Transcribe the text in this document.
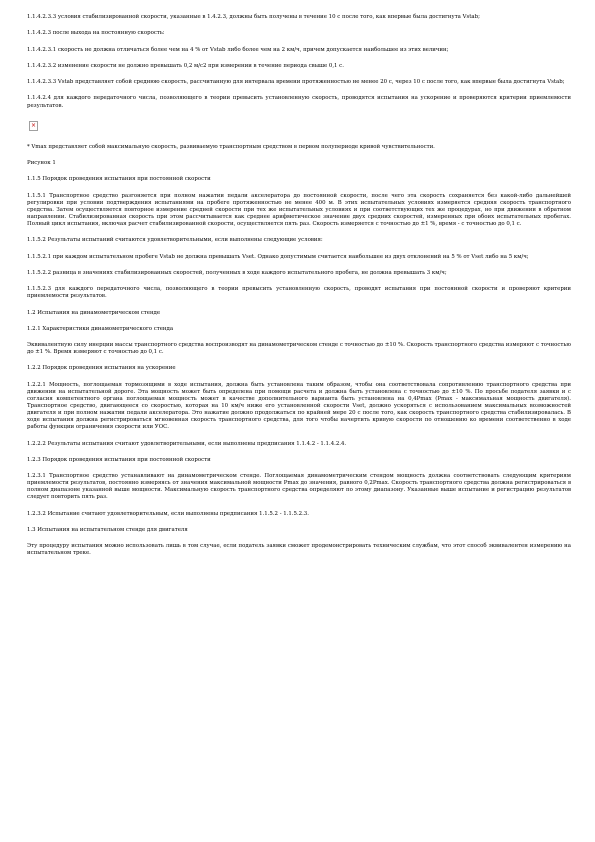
1.1.4.2.3.3 условия стабилизированной скорости, указанные в 1.4.2.3, должны быть получены в течение 10 с после того, как впервые была достигнута Vstab;

1.1.4.2.3 после выхода на постоянную скорость:

1.1.4.2.3.1 скорость не должна отличаться более чем на 4 % от Vstab либо более чем на 2 км/ч, причем допускается наибольшее из этих величин;

1.1.4.2.3.2 изменение скорости не должно превышать 0,2 м/с2 при измерении в течение периода свыше 0,1 с.

1.1.4.2.3.3 Vstab представляет собой среднюю скорость, рассчитанную для интервала времени протяженностью не менее 20 с, через 10 с после того, как впервые была достигнута Vstab;

1.1.4.2.4 для каждого передаточного числа, позволяющего в теории превысить установленную скорость, проводятся испытания на ускорение и проверяются критерии приемлемости результатов.

×

* Vmax представляет собой максимальную скорость, развиваемую транспортным средством в первом полупериоде кривой чувствительности.

Рисунок 1

1.1.5 Порядок проведения испытания при постоянной скорости

1.1.5.1 Транспортное средство разгоняется при полном нажатии педали акселератора до постоянной скорости, после чего эта скорость сохраняется без какой-либо дальнейшей регулировки при условии подтверждения испытаниями на пробеге протяженностью не менее 400 м. В этих испытательных условиях измеряется средняя скорость транспортного средства. Затем осуществляется повторное измерение средней скорости при тех же испытательных условиях и при соответствующих тех же процедурах, но при движении в обратном направлении. Стабилизированная скорость при этом рассчитывается как среднее арифметическое значение двух средних скоростей, измеренных при обоих испытательных пробегах. Полный цикл испытания, включая расчет стабилизированной скорости, осуществляется пять раз. Скорость измеряется с точностью до ±1 %, время - с точностью до 0,1 с.

1.1.5.2 Результаты испытаний считаются удовлетворительными, если выполнены следующие условия:

1.1.5.2.1 при каждом испытательном пробеге Vstab не должна превышать Vset. Однако допустимым считается наибольшее из двух отклонений на 5 % от Vset либо на 5 км/ч;

1.1.5.2.2 разница в значениях стабилизированных скоростей, полученных в ходе каждого испытательного пробега, не должна превышать 3 км/ч;

1.1.5.2.3 для каждого передаточного числа, позволяющего в теории превысить установленную скорость, проводят испытания при постоянной скорости и проверяют критерии приемлемости результатов.

1.2 Испытания на динамометрическом стенде

1.2.1 Характеристики динамометрического стенда

Эквивалентную силу инерции массы транспортного средства воспроизводят на динамометрическом стенде с точностью до ±10 %. Скорость транспортного средства измеряют с точностью до ±1 %. Время измеряют с точностью до 0,1 с.

1.2.2 Порядок проведения испытания на ускорение

1.2.2.1 Мощность, поглощаемая тормозящими в ходе испытания, должна быть установлена таким образом, чтобы она соответствовала сопротивлению транспортного средства при движении на испытательной дороге. Эта мощность может быть определена при помощи расчета и должна быть установлена с точностью до ±10 %. По просьбе подателя заявки и с согласия компетентного органа поглощаемая мощность может в качестве дополнительного варианта быть установлена на 0,4Pmax (Pmax - максимальная мощность двигателя). Транспортное средство, двигающееся со скоростью, которая на 10 км/ч ниже его установленной скорости Vset, должно ускоряться с использованием максимальных возможностей двигателя и при полном нажатии педали акселератора. Это нажатие должно продолжаться по крайней мере 20 с после того, как скорость транспортного средства стабилизировалась. В ходе испытания должна регистрироваться мгновенная скорость транспортного средства, для того чтобы начертить кривую скорости по отношению ко времени соответственно в ходе работы функции ограничения скорости или УОС.

1.2.2.2 Результаты испытания считают удовлетворительными, если выполнены предписания 1.1.4.2 - 1.1.4.2.4.

1.2.3 Порядок проведения испытания при постоянной скорости

1.2.3.1 Транспортное средство устанавливают на динамометрическом стенде. Поглощаемая динамометрическим стендом мощность должна соответствовать следующим критериям приемлемости результатов, постоянно измеряясь от значения максимальной мощности Pmax до значения, равного 0,2Pmax. Скорость транспортного средства должна регистрироваться в полном диапазоне указанной выше мощности. Максимальную скорость транспортного средства определяют по этому диапазону. Указанные выше испытание и регистрацию результатов следует повторить пять раз.

1.2.3.2 Испытание считают удовлетворительным, если выполнены предписания 1.1.5.2 - 1.1.5.2.3.

1.3 Испытания на испытательном стенде для двигателя

Эту процедуру испытания можно использовать лишь в том случае, если податель заявки сможет продемонстрировать техническим службам, что этот способ эквивалентен измерению на испытательном треке.
